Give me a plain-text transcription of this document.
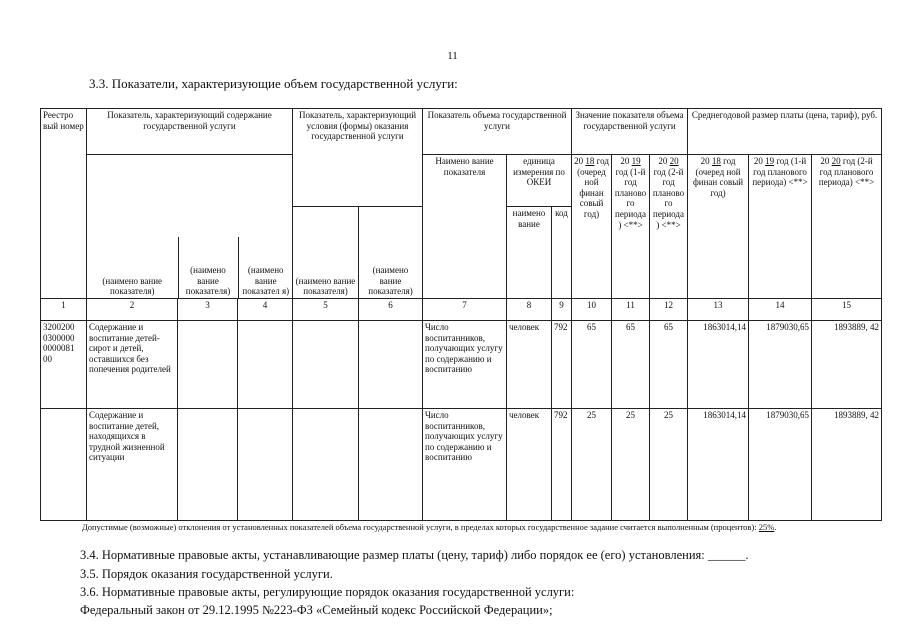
11
3.3. Показатели, характеризующие объем государственной услуги:
Реестро вый номер	Показатель, характеризующий содержание государственной услуги	Показатель, характеризующий условия (формы) оказания государственной услуги	Показатель объема государственной услуги	Значение показателя объема государственной услуги	Среднегодовой размер платы (цена, тариф), руб.

(наимено вание показателя)	(наимено вание показателя)	(наимено вание показател я)
	Наимено вание показателя	единица измерения по ОКЕИ	20 18 год (очеред ной финан совый год)	20 19 год (1-й год планово го периода ) <**>	20 20 год (2-й год планово го периода ) <**>	20 18 год (очеред ной финан совый год)	20 19 год (1-й год планового периода) <**>	20 20 год (2-й год планового периода) <**>
(наимено вание показателя)	(наимено вание показателя)	наимено вание	код
1	2	3	4	5	6	7	8	9	10	11	12	13	14	15
3200200 0300000 0000081 00	Содержание и воспитание детей-сирот и детей, оставшихся без попечения родителей					Число воспитанников, получающих услугу по содержанию и воспитанию	человек	792	65	65	65	1863014,14	1879030,65	1893889, 42
	Содержание и воспитание детей, находящихся в трудной жизненной ситуации					Число воспитанников, получающих услугу по содержанию и воспитанию	человек	792	25	25	25	1863014,14	1879030,65	1893889, 42
Допустимые (возможные) отклонения от установленных показателей объема государственной услуги, в пределах которых государственное задание считается выполненным (процентов): 25%.
3.4. Нормативные правовые акты, устанавливающие размер платы (цену, тариф) либо порядок ее (его) установления: ______.
3.5. Порядок оказания государственной услуги.
3.6. Нормативные правовые акты, регулирующие порядок оказания государственной услуги:
Федеральный закон от 29.12.1995 №223-ФЗ «Семейный кодекс Российской Федерации»;
